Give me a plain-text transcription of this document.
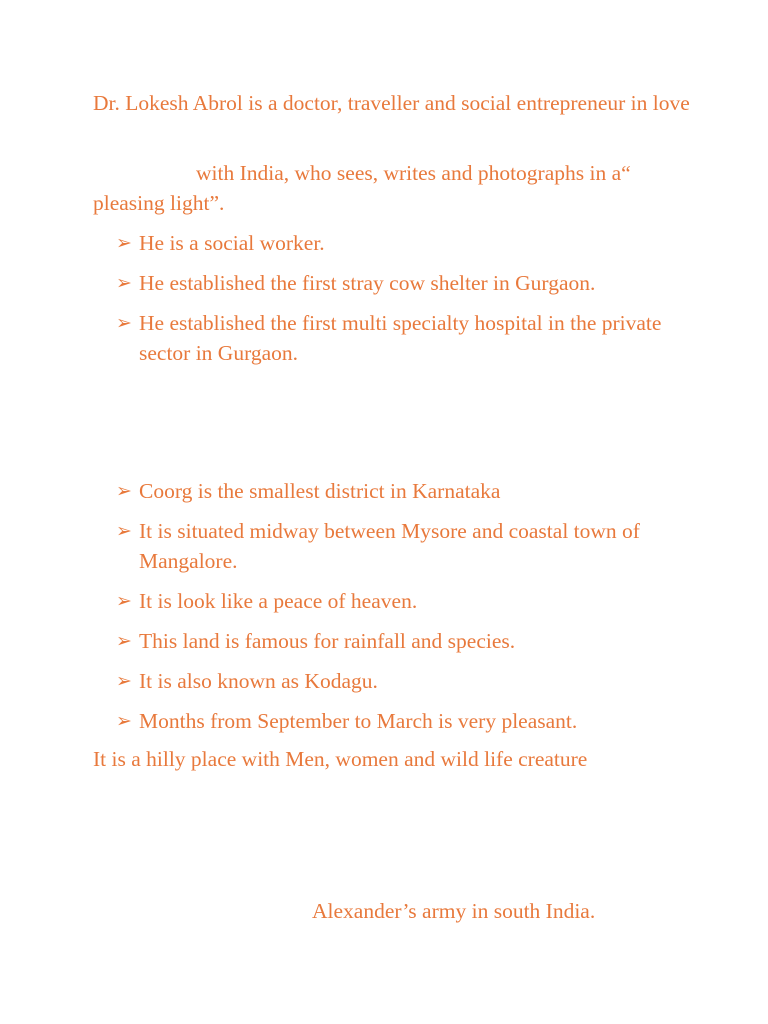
Dr. Lokesh Abrol is a doctor, traveller and social entrepreneur in love

with India, who sees, writes and photographs in a“ pleasing light”.

➢ He is a social worker.
➢ He established the first stray cow shelter in Gurgaon.
➢ He established the first multi specialty hospital in the private sector in Gurgaon.
➢ Coorg is the smallest district in Karnataka
➢ It is situated midway between Mysore and coastal town of Mangalore.
➢ It is look like a peace of heaven.
➢ This land is famous for rainfall and species.
➢ It is also known as Kodagu.
➢ Months from September to March is very pleasant.

It is a hilly place with Men, women and wild life creature

Alexander’s army in south India.
